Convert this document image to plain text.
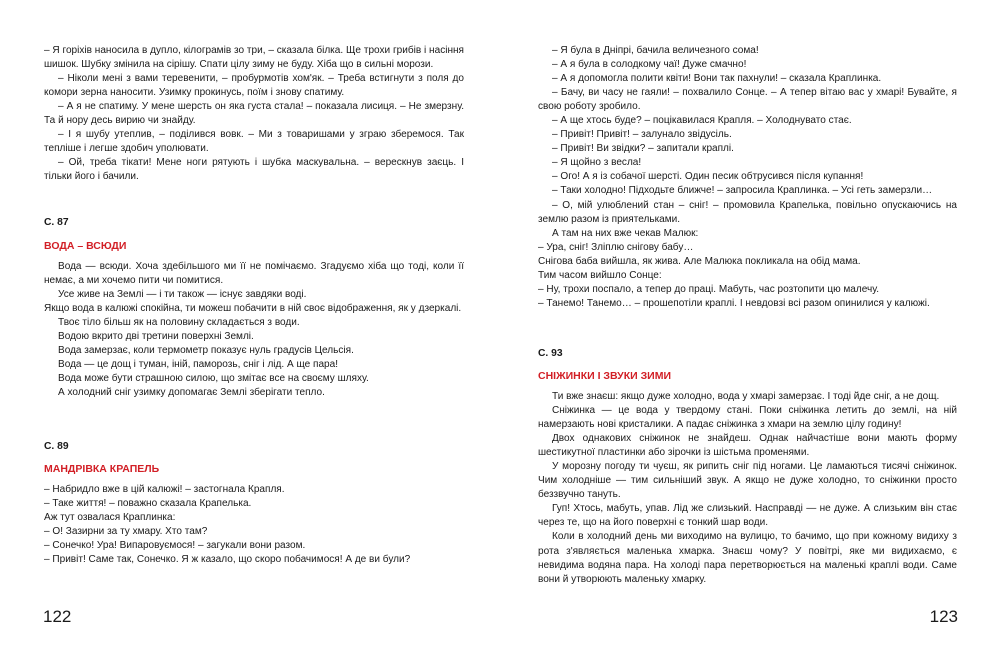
– Я горіхів наносила в дупло, кілограмів зо три, – сказала білка. Ще трохи грибів і насіння шишок. Шубку змінила на сірішу. Спати цілу зиму не буду. Хіба що в сильні морози.

– Ніколи мені з вами теревенити, – пробурмотів хом'як. – Треба встигнути з поля до комори зерна наносити. Узимку прокинусь, поїм і знову спатиму.

– А я не спатиму. У мене шерсть он яка густа стала! – показала лисиця. – Не змерзну. Та й нору десь вирию чи знайду.

– І я шубу утеплив, – поділився вовк. – Ми з товаришами у зграю зберемося. Так тепліше і легше здобич уполювати.

– Ой, треба тікати! Мене ноги рятують і шубка маскувальна. – верескнув заєць. І тільки його і бачили.

С. 87

ВОДА – ВСЮДИ

Вода — всюди. Хоча здебільшого ми її не помічаємо. Згадуємо хіба що тоді, коли її немає, а ми хочемо пити чи помитися.

Усе живе на Землі — і ти також — існує завдяки воді.

Якщо вода в калюжі спокійна, ти можеш побачити в ній своє відображення, як у дзеркалі.

Твоє тіло більш як на половину складається з води.

Водою вкрито дві третини поверхні Землі.

Вода замерзає, коли термометр показує нуль градусів Цельсія.

Вода — це дощ і туман, іній, паморозь, сніг і лід. А ще пара!

Вода може бути страшною силою, що змітає все на своєму шляху.

А холодний сніг узимку допомагає Землі зберігати тепло.

С. 89

МАНДРІВКА КРАПЕЛЬ

– Набридло вже в цій калюжі! – застогнала Крапля.

– Таке життя! – поважно сказала Крапелька.

Аж тут озвалася Краплинка:

– О! Зазирни за ту хмару. Хто там?

– Сонечко! Ура! Випаровуємося! – загукали вони разом.

– Привіт! Саме так, Сонечко. Я ж казало, що скоро побачимося! А де ви були?

122

– Я була в Дніпрі, бачила величезного сома!

– А я була в солодкому чаї! Дуже смачно!

– А я допомогла полити квіти! Вони так пахнули! – сказала Краплинка.

– Бачу, ви часу не гаяли! – похвалило Сонце. – А тепер вітаю вас у хмарі! Бувайте, я свою роботу зробило.

– А ще хтось буде? – поцікавилася Крапля. – Холоднувато стає.

– Привіт! Привіт! – залунало звідусіль.

– Привіт! Ви звідки? – запитали краплі.

– Я щойно з весла!

– Ого! А я із собачої шерсті. Один песик обтрусився після купання!

– Таки холодно! Підходьте ближче! – запросила Краплинка. – Усі геть замерзли…

– О, мій улюблений стан – сніг! – промовила Крапелька, повільно опускаючись на землю разом із приятельками.

А там на них вже чекав Малюк:

– Ура, сніг! Зліплю снігову бабу…

Снігова баба вийшла, як жива. Але Малюка покликала на обід мама.

Тим часом вийшло Сонце:

– Ну, трохи поспало, а тепер до праці. Мабуть, час розтопити цю малечу.

– Танемо! Танемо… – прошепотіли краплі. І невдовзі всі разом опинилися у калюжі.

С. 93

СНІЖИНКИ І ЗВУКИ ЗИМИ

Ти вже знаєш: якщо дуже холодно, вода у хмарі замерзає. І тоді йде сніг, а не дощ.

Сніжинка — це вода у твердому стані. Поки сніжинка летить до землі, на ній намерзають нові кристалики. А падає сніжинка з хмари на землю цілу годину!

Двох однакових сніжинок не знайдеш. Однак найчастіше вони мають форму шестикутної пластинки або зірочки із шістьма променями.

У морозну погоду ти чуєш, як рипить сніг під ногами. Це ламаються тисячі сніжинок. Чим холодніше — тим сильніший звук. А якщо не дуже холодно, то сніжинки просто беззвучно тануть.

Гуп! Хтось, мабуть, упав. Лід же слизький. Насправді — не дуже. А слизьким він стає через те, що на його поверхні є тонкий шар води.

Коли в холодний день ми виходимо на вулицю, то бачимо, що при кожному видиху з рота з'являється маленька хмарка. Знаєш чому? У повітрі, яке ми видихаємо, є невидима водяна пара. На холоді пара перетворюється на маленькі краплі води. Саме вони й утворюють маленьку хмарку.

123
